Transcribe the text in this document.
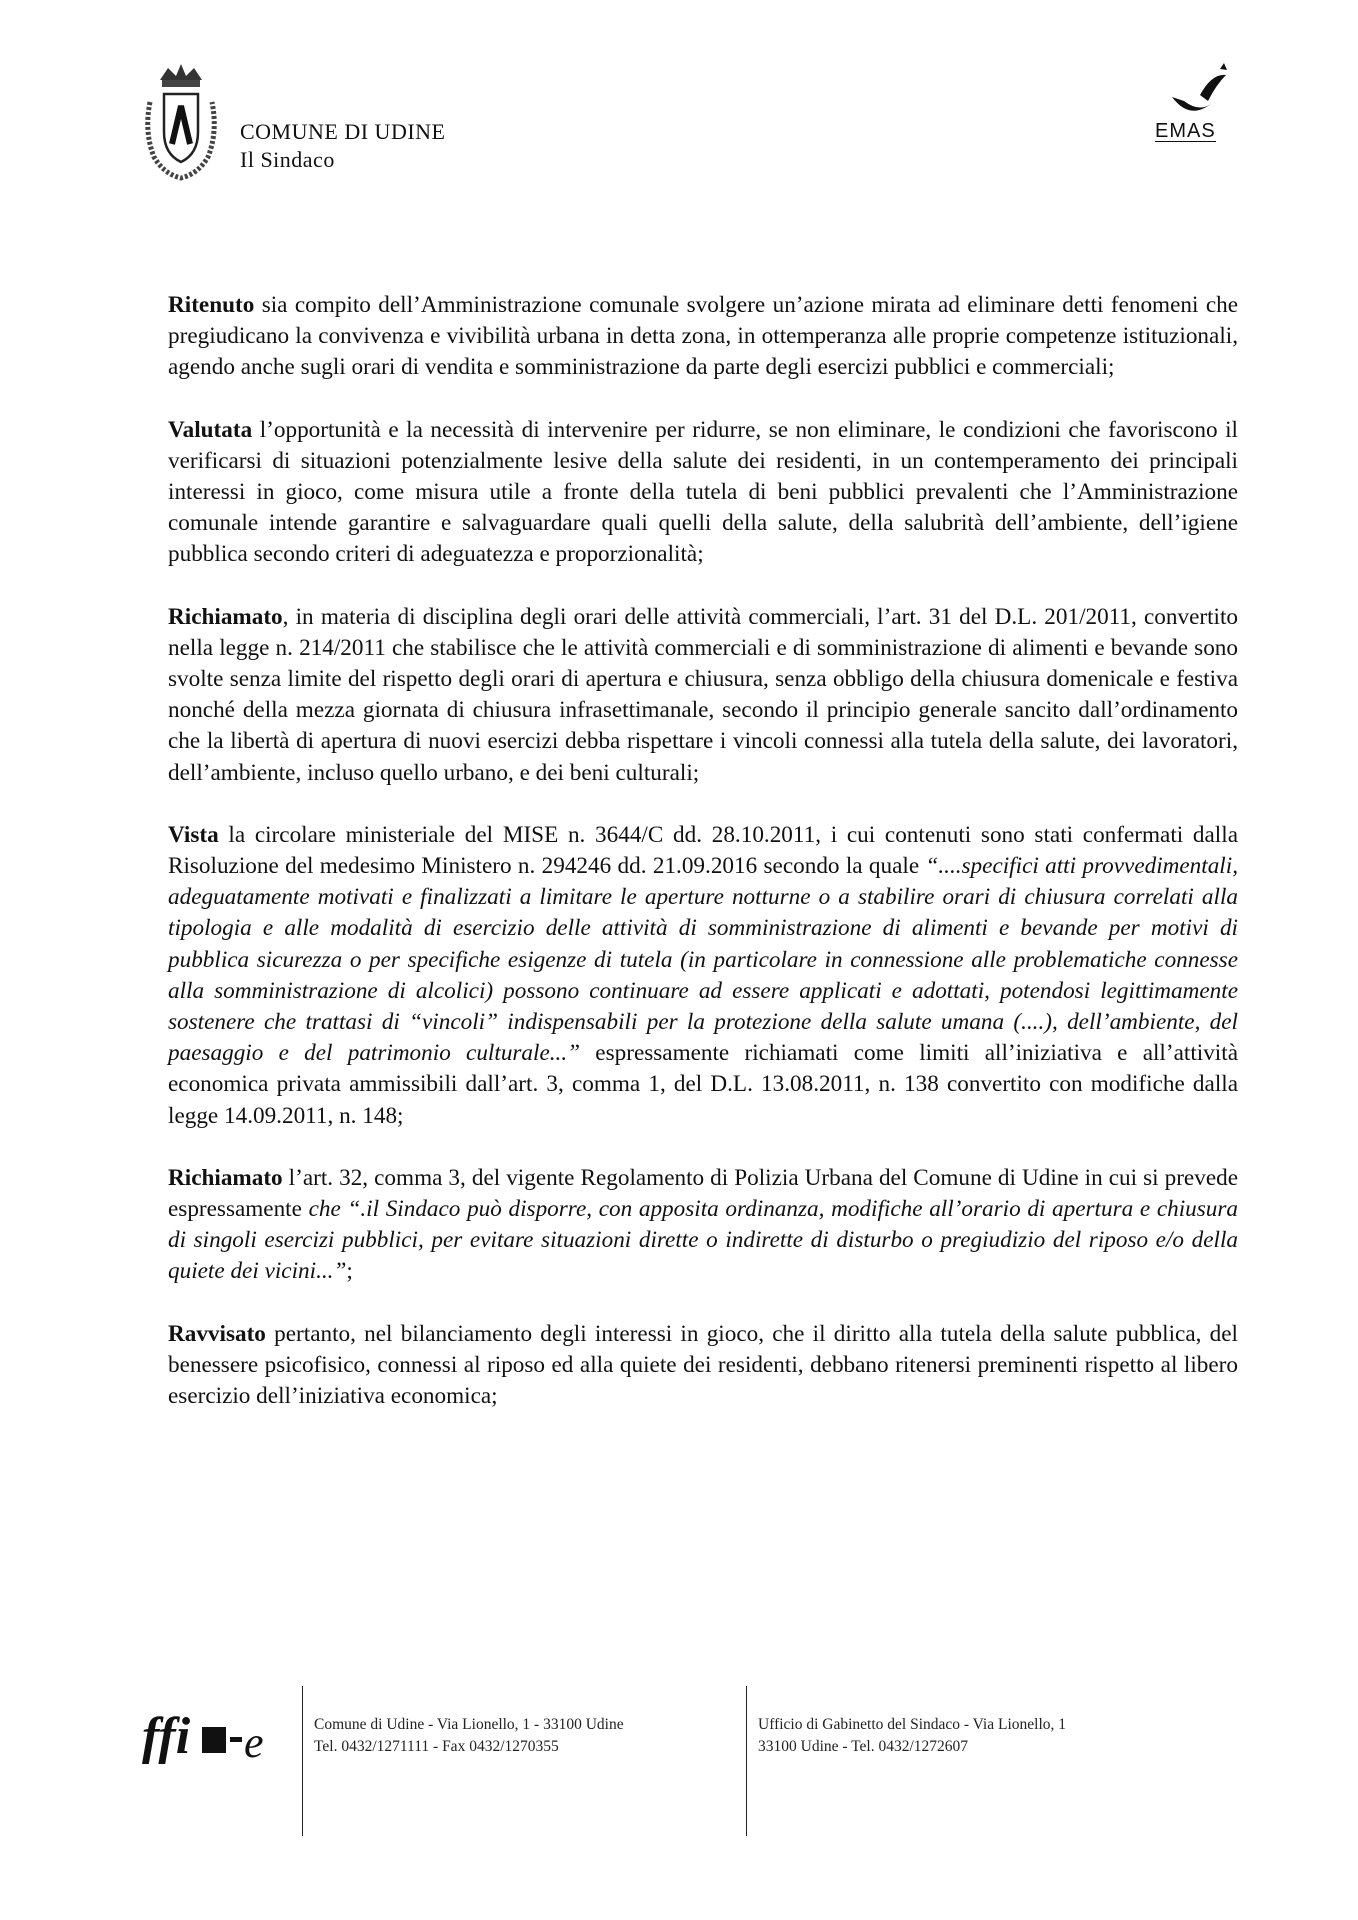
COMUNE DI UDINE
Il Sindaco
EMAS

Ritenuto sia compito dell’Amministrazione comunale svolgere un’azione mirata ad eliminare detti fenomeni che pregiudicano la convivenza e vivibilità urbana in detta zona, in ottemperanza alle proprie competenze istituzionali, agendo anche sugli orari di vendita e somministrazione da parte degli esercizi pubblici e commerciali;

Valutata l’opportunità e la necessità di intervenire per ridurre, se non eliminare, le condizioni che favoriscono il verificarsi di situazioni potenzialmente lesive della salute dei residenti, in un contemperamento dei principali interessi in gioco, come misura utile a fronte della tutela di beni pubblici prevalenti che l’Amministrazione comunale intende garantire e salvaguardare quali quelli della salute, della salubrità dell’ambiente, dell’igiene pubblica secondo criteri di adeguatezza e proporzionalità;

Richiamato, in materia di disciplina degli orari delle attività commerciali, l’art. 31 del D.L. 201/2011, convertito nella legge n. 214/2011 che stabilisce che le attività commerciali e di somministrazione di alimenti e bevande sono svolte senza limite del rispetto degli orari di apertura e chiusura, senza obbligo della chiusura domenicale e festiva nonché della mezza giornata di chiusura infrasettimanale, secondo il principio generale sancito dall’ordinamento che la libertà di apertura di nuovi esercizi debba rispettare i vincoli connessi alla tutela della salute, dei lavoratori, dell’ambiente, incluso quello urbano, e dei beni culturali;

Vista la circolare ministeriale del MISE n. 3644/C dd. 28.10.2011, i cui contenuti sono stati confermati dalla Risoluzione del medesimo Ministero n. 294246 dd. 21.09.2016 secondo la quale “....specifici atti provvedimentali, adeguatamente motivati e finalizzati a limitare le aperture notturne o a stabilire orari di chiusura correlati alla tipologia e alle modalità di esercizio delle attività di somministrazione di alimenti e bevande per motivi di pubblica sicurezza o per specifiche esigenze di tutela (in particolare in connessione alle problematiche connesse alla somministrazione di alcolici) possono continuare ad essere applicati e adottati, potendosi legittimamente sostenere che trattasi di “vincoli” indispensabili per la protezione della salute umana (....), dell’ambiente, del paesaggio e del patrimonio culturale...” espressamente richiamati come limiti all’iniziativa e all’attività economica privata ammissibili dall’art. 3, comma 1, del D.L. 13.08.2011, n. 138 convertito con modifiche dalla legge 14.09.2011, n. 148;

Richiamato l’art. 32, comma 3, del vigente Regolamento di Polizia Urbana del Comune di Udine in cui si prevede espressamente che “.il Sindaco può disporre, con apposita ordinanza, modifiche all’orario di apertura e chiusura di singoli esercizi pubblici, per evitare situazioni dirette o indirette di disturbo o pregiudizio del riposo e/o della quiete dei vicini...”;

Ravvisato pertanto, nel bilanciamento degli interessi in gioco, che il diritto alla tutela della salute pubblica, del benessere psicofisico, connessi al riposo ed alla quiete dei residenti, debbano ritenersi preminenti rispetto al libero esercizio dell’iniziativa economica;

ffi e	Comune di Udine - Via Lionello, 1 - 33100 Udine
Tel. 0432/1271111 - Fax 0432/1270355
Ufficio di Gabinetto del Sindaco - Via Lionello, 1
33100 Udine - Tel. 0432/1272607
